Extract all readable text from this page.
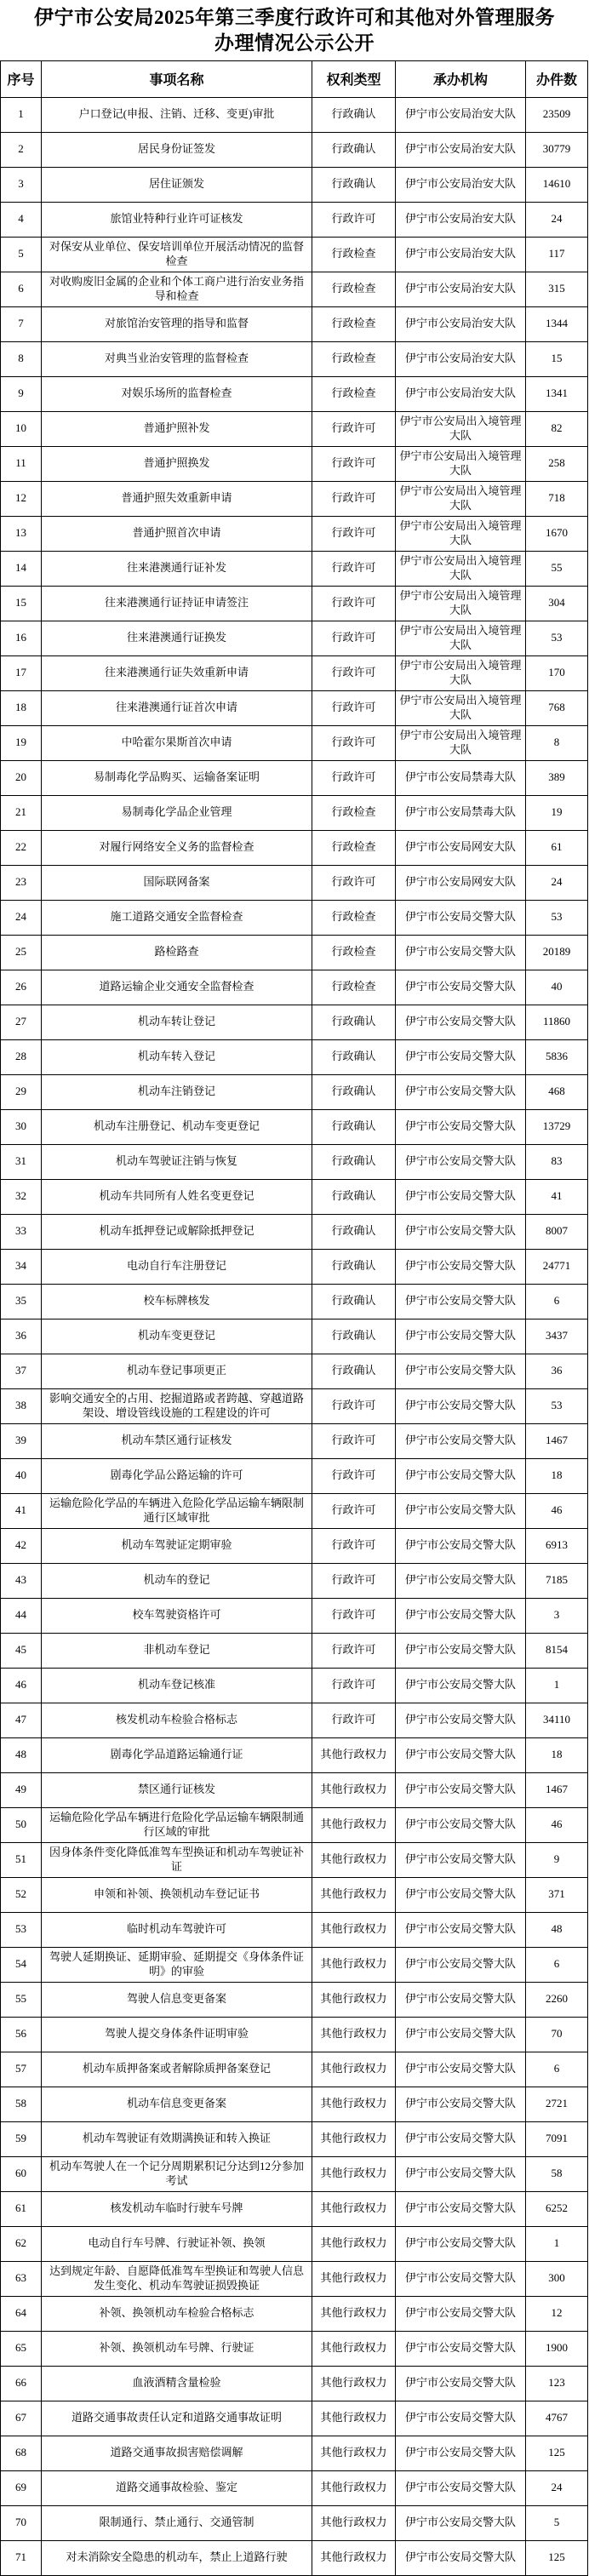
伊宁市公安局2025年第三季度行政许可和其他对外管理服务办理情况公示公开
序号	事项名称	权利类型	承办机构	办件数
1	户口登记(申报、注销、迁移、变更)审批	行政确认	伊宁市公安局治安大队	23509
2	居民身份证签发	行政确认	伊宁市公安局治安大队	30779
3	居住证颁发	行政确认	伊宁市公安局治安大队	14610
4	旅馆业特种行业许可证核发	行政许可	伊宁市公安局治安大队	24
5	对保安从业单位、保安培训单位开展活动情况的监督检查	行政检查	伊宁市公安局治安大队	117
6	对收购废旧金属的企业和个体工商户进行治安业务指导和检查	行政检查	伊宁市公安局治安大队	315
7	对旅馆治安管理的指导和监督	行政检查	伊宁市公安局治安大队	1344
8	对典当业治安管理的监督检查	行政检查	伊宁市公安局治安大队	15
9	对娱乐场所的监督检查	行政检查	伊宁市公安局治安大队	1341
10	普通护照补发	行政许可	伊宁市公安局出入境管理大队	82
11	普通护照换发	行政许可	伊宁市公安局出入境管理大队	258
12	普通护照失效重新申请	行政许可	伊宁市公安局出入境管理大队	718
13	普通护照首次申请	行政许可	伊宁市公安局出入境管理大队	1670
14	往来港澳通行证补发	行政许可	伊宁市公安局出入境管理大队	55
15	往来港澳通行证持证申请签注	行政许可	伊宁市公安局出入境管理大队	304
16	往来港澳通行证换发	行政许可	伊宁市公安局出入境管理大队	53
17	往来港澳通行证失效重新申请	行政许可	伊宁市公安局出入境管理大队	170
18	往来港澳通行证首次申请	行政许可	伊宁市公安局出入境管理大队	768
19	中哈霍尔果斯首次申请	行政许可	伊宁市公安局出入境管理大队	8
20	易制毒化学品购买、运输备案证明	行政许可	伊宁市公安局禁毒大队	389
21	易制毒化学品企业管理	行政检查	伊宁市公安局禁毒大队	19
22	对履行网络安全义务的监督检查	行政检查	伊宁市公安局网安大队	61
23	国际联网备案	行政许可	伊宁市公安局网安大队	24
24	施工道路交通安全监督检查	行政检查	伊宁市公安局交警大队	53
25	路检路查	行政检查	伊宁市公安局交警大队	20189
26	道路运输企业交通安全监督检查	行政检查	伊宁市公安局交警大队	40
27	机动车转让登记	行政确认	伊宁市公安局交警大队	11860
28	机动车转入登记	行政确认	伊宁市公安局交警大队	5836
29	机动车注销登记	行政确认	伊宁市公安局交警大队	468
30	机动车注册登记、机动车变更登记	行政确认	伊宁市公安局交警大队	13729
31	机动车驾驶证注销与恢复	行政确认	伊宁市公安局交警大队	83
32	机动车共同所有人姓名变更登记	行政确认	伊宁市公安局交警大队	41
33	机动车抵押登记或解除抵押登记	行政确认	伊宁市公安局交警大队	8007
34	电动自行车注册登记	行政确认	伊宁市公安局交警大队	24771
35	校车标牌核发	行政确认	伊宁市公安局交警大队	6
36	机动车变更登记	行政确认	伊宁市公安局交警大队	3437
37	机动车登记事项更正	行政确认	伊宁市公安局交警大队	36
38	影响交通安全的占用、挖掘道路或者跨越、穿越道路架设、增设管线设施的工程建设的许可	行政许可	伊宁市公安局交警大队	53
39	机动车禁区通行证核发	行政许可	伊宁市公安局交警大队	1467
40	剧毒化学品公路运输的许可	行政许可	伊宁市公安局交警大队	18
41	运输危险化学品的车辆进入危险化学品运输车辆限制通行区域审批	行政许可	伊宁市公安局交警大队	46
42	机动车驾驶证定期审验	行政许可	伊宁市公安局交警大队	6913
43	机动车的登记	行政许可	伊宁市公安局交警大队	7185
44	校车驾驶资格许可	行政许可	伊宁市公安局交警大队	3
45	非机动车登记	行政许可	伊宁市公安局交警大队	8154
46	机动车登记核准	行政许可	伊宁市公安局交警大队	1
47	核发机动车检验合格标志	行政许可	伊宁市公安局交警大队	34110
48	剧毒化学品道路运输通行证	其他行政权力	伊宁市公安局交警大队	18
49	禁区通行证核发	其他行政权力	伊宁市公安局交警大队	1467
50	运输危险化学品车辆进行危险化学品运输车辆限制通行区域的审批	其他行政权力	伊宁市公安局交警大队	46
51	因身体条件变化降低准驾车型换证和机动车驾驶证补证	其他行政权力	伊宁市公安局交警大队	9
52	申领和补领、换领机动车登记证书	其他行政权力	伊宁市公安局交警大队	371
53	临时机动车驾驶许可	其他行政权力	伊宁市公安局交警大队	48
54	驾驶人延期换证、延期审验、延期提交《身体条件证明》的审验	其他行政权力	伊宁市公安局交警大队	6
55	驾驶人信息变更备案	其他行政权力	伊宁市公安局交警大队	2260
56	驾驶人提交身体条件证明审验	其他行政权力	伊宁市公安局交警大队	70
57	机动车质押备案或者解除质押备案登记	其他行政权力	伊宁市公安局交警大队	6
58	机动车信息变更备案	其他行政权力	伊宁市公安局交警大队	2721
59	机动车驾驶证有效期满换证和转入换证	其他行政权力	伊宁市公安局交警大队	7091
60	机动车驾驶人在一个记分周期累积记分达到12分参加考试	其他行政权力	伊宁市公安局交警大队	58
61	核发机动车临时行驶车号牌	其他行政权力	伊宁市公安局交警大队	6252
62	电动自行车号牌、行驶证补领、换领	其他行政权力	伊宁市公安局交警大队	1
63	达到规定年龄、自愿降低准驾车型换证和驾驶人信息发生变化、机动车驾驶证损毁换证	其他行政权力	伊宁市公安局交警大队	300
64	补领、换领机动车检验合格标志	其他行政权力	伊宁市公安局交警大队	12
65	补领、换领机动车号牌、行驶证	其他行政权力	伊宁市公安局交警大队	1900
66	血液酒精含量检验	其他行政权力	伊宁市公安局交警大队	123
67	道路交通事故责任认定和道路交通事故证明	其他行政权力	伊宁市公安局交警大队	4767
68	道路交通事故损害赔偿调解	其他行政权力	伊宁市公安局交警大队	125
69	道路交通事故检验、鉴定	其他行政权力	伊宁市公安局交警大队	24
70	限制通行、禁止通行、交通管制	其他行政权力	伊宁市公安局交警大队	5
71	对未消除安全隐患的机动车，禁止上道路行驶	其他行政权力	伊宁市公安局交警大队	125
